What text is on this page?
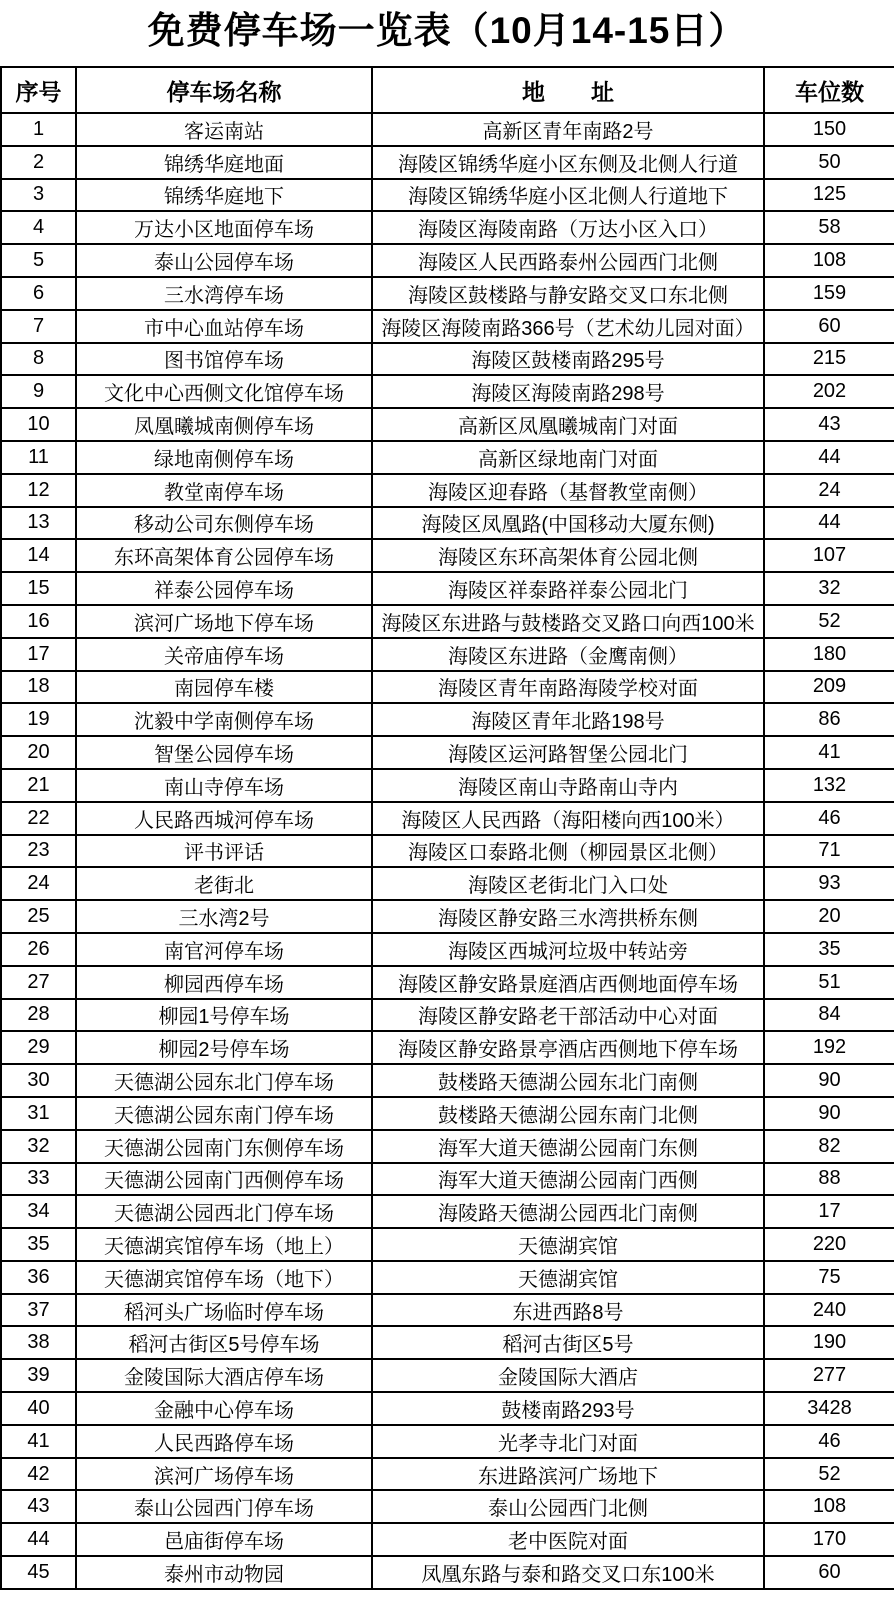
免费停车场一览表（10月14-15日）
序号	停车场名称	地　　址	车位数
1	客运南站	高新区青年南路2号	150
2	锦绣华庭地面	海陵区锦绣华庭小区东侧及北侧人行道	50
3	锦绣华庭地下	海陵区锦绣华庭小区北侧人行道地下	125
4	万达小区地面停车场	海陵区海陵南路（万达小区入口）	58
5	泰山公园停车场	海陵区人民西路泰州公园西门北侧	108
6	三水湾停车场	海陵区鼓楼路与静安路交叉口东北侧	159
7	市中心血站停车场	海陵区海陵南路366号（艺术幼儿园对面）	60
8	图书馆停车场	海陵区鼓楼南路295号	215
9	文化中心西侧文化馆停车场	海陵区海陵南路298号	202
10	凤凰曦城南侧停车场	高新区凤凰曦城南门对面	43
11	绿地南侧停车场	高新区绿地南门对面	44
12	教堂南停车场	海陵区迎春路（基督教堂南侧）	24
13	移动公司东侧停车场	海陵区凤凰路(中国移动大厦东侧)	44
14	东环高架体育公园停车场	海陵区东环高架体育公园北侧	107
15	祥泰公园停车场	海陵区祥泰路祥泰公园北门	32
16	滨河广场地下停车场	海陵区东进路与鼓楼路交叉路口向西100米	52
17	关帝庙停车场	海陵区东进路（金鹰南侧）	180
18	南园停车楼	海陵区青年南路海陵学校对面	209
19	沈毅中学南侧停车场	海陵区青年北路198号	86
20	智堡公园停车场	海陵区运河路智堡公园北门	41
21	南山寺停车场	海陵区南山寺路南山寺内	132
22	人民路西城河停车场	海陵区人民西路（海阳楼向西100米）	46
23	评书评话	海陵区口泰路北侧（柳园景区北侧）	71
24	老街北	海陵区老街北门入口处	93
25	三水湾2号	海陵区静安路三水湾拱桥东侧	20
26	南官河停车场	海陵区西城河垃圾中转站旁	35
27	柳园西停车场	海陵区静安路景庭酒店西侧地面停车场	51
28	柳园1号停车场	海陵区静安路老干部活动中心对面	84
29	柳园2号停车场	海陵区静安路景亭酒店西侧地下停车场	192
30	天德湖公园东北门停车场	鼓楼路天德湖公园东北门南侧	90
31	天德湖公园东南门停车场	鼓楼路天德湖公园东南门北侧	90
32	天德湖公园南门东侧停车场	海军大道天德湖公园南门东侧	82
33	天德湖公园南门西侧停车场	海军大道天德湖公园南门西侧	88
34	天德湖公园西北门停车场	海陵路天德湖公园西北门南侧	17
35	天德湖宾馆停车场（地上）	天德湖宾馆	220
36	天德湖宾馆停车场（地下）	天德湖宾馆	75
37	稻河头广场临时停车场	东进西路8号	240
38	稻河古街区5号停车场	稻河古街区5号	190
39	金陵国际大酒店停车场	金陵国际大酒店	277
40	金融中心停车场	鼓楼南路293号	3428
41	人民西路停车场	光孝寺北门对面	46
42	滨河广场停车场	东进路滨河广场地下	52
43	泰山公园西门停车场	泰山公园西门北侧	108
44	邑庙街停车场	老中医院对面	170
45	泰州市动物园	凤凰东路与泰和路交叉口东100米	60
